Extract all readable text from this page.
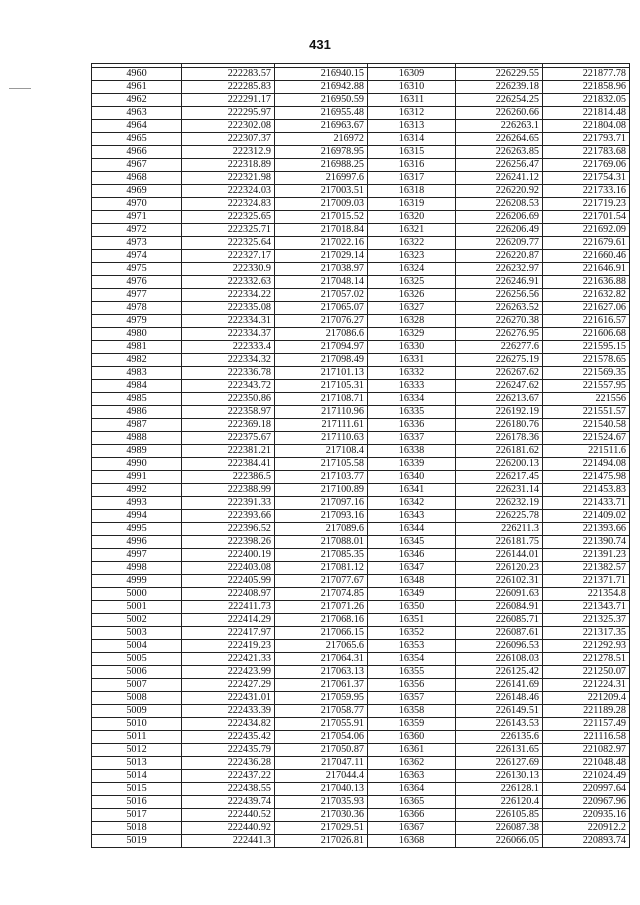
431

4960	222283.57	216940.15	16309	226229.55	221877.78
4961	222285.83	216942.88	16310	226239.18	221858.96
4962	222291.17	216950.59	16311	226254.25	221832.05
4963	222295.97	216955.48	16312	226260.66	221814.48
4964	222302.08	216963.67	16313	226263.1	221804.08
4965	222307.37	216972	16314	226264.65	221793.71
4966	222312.9	216978.95	16315	226263.85	221783.68
4967	222318.89	216988.25	16316	226256.47	221769.06
4968	222321.98	216997.6	16317	226241.12	221754.31
4969	222324.03	217003.51	16318	226220.92	221733.16
4970	222324.83	217009.03	16319	226208.53	221719.23
4971	222325.65	217015.52	16320	226206.69	221701.54
4972	222325.71	217018.84	16321	226206.49	221692.09
4973	222325.64	217022.16	16322	226209.77	221679.61
4974	222327.17	217029.14	16323	226220.87	221660.46
4975	222330.9	217038.97	16324	226232.97	221646.91
4976	222332.63	217048.14	16325	226246.91	221636.88
4977	222334.22	217057.02	16326	226256.56	221632.82
4978	222335.08	217065.07	16327	226263.52	221627.06
4979	222334.31	217076.27	16328	226270.38	221616.57
4980	222334.37	217086.6	16329	226276.95	221606.68
4981	222333.4	217094.97	16330	226277.6	221595.15
4982	222334.32	217098.49	16331	226275.19	221578.65
4983	222336.78	217101.13	16332	226267.62	221569.35
4984	222343.72	217105.31	16333	226247.62	221557.95
4985	222350.86	217108.71	16334	226213.67	221556
4986	222358.97	217110.96	16335	226192.19	221551.57
4987	222369.18	217111.61	16336	226180.76	221540.58
4988	222375.67	217110.63	16337	226178.36	221524.67
4989	222381.21	217108.4	16338	226181.62	221511.6
4990	222384.41	217105.58	16339	226200.13	221494.08
4991	222386.5	217103.77	16340	226217.45	221475.98
4992	222388.99	217100.89	16341	226231.14	221453.83
4993	222391.33	217097.16	16342	226232.19	221433.71
4994	222393.66	217093.16	16343	226225.78	221409.02
4995	222396.52	217089.6	16344	226211.3	221393.66
4996	222398.26	217088.01	16345	226181.75	221390.74
4997	222400.19	217085.35	16346	226144.01	221391.23
4998	222403.08	217081.12	16347	226120.23	221382.57
4999	222405.99	217077.67	16348	226102.31	221371.71
5000	222408.97	217074.85	16349	226091.63	221354.8
5001	222411.73	217071.26	16350	226084.91	221343.71
5002	222414.29	217068.16	16351	226085.71	221325.37
5003	222417.97	217066.15	16352	226087.61	221317.35
5004	222419.23	217065.6	16353	226096.53	221292.93
5005	222421.33	217064.31	16354	226108.03	221278.51
5006	222423.99	217063.13	16355	226125.42	221250.07
5007	222427.29	217061.37	16356	226141.69	221224.31
5008	222431.01	217059.95	16357	226148.46	221209.4
5009	222433.39	217058.77	16358	226149.51	221189.28
5010	222434.82	217055.91	16359	226143.53	221157.49
5011	222435.42	217054.06	16360	226135.6	221116.58
5012	222435.79	217050.87	16361	226131.65	221082.97
5013	222436.28	217047.11	16362	226127.69	221048.48
5014	222437.22	217044.4	16363	226130.13	221024.49
5015	222438.55	217040.13	16364	226128.1	220997.64
5016	222439.74	217035.93	16365	226120.4	220967.96
5017	222440.52	217030.36	16366	226105.85	220935.16
5018	222440.92	217029.51	16367	226087.38	220912.2
5019	222441.3	217026.81	16368	226066.05	220893.74
